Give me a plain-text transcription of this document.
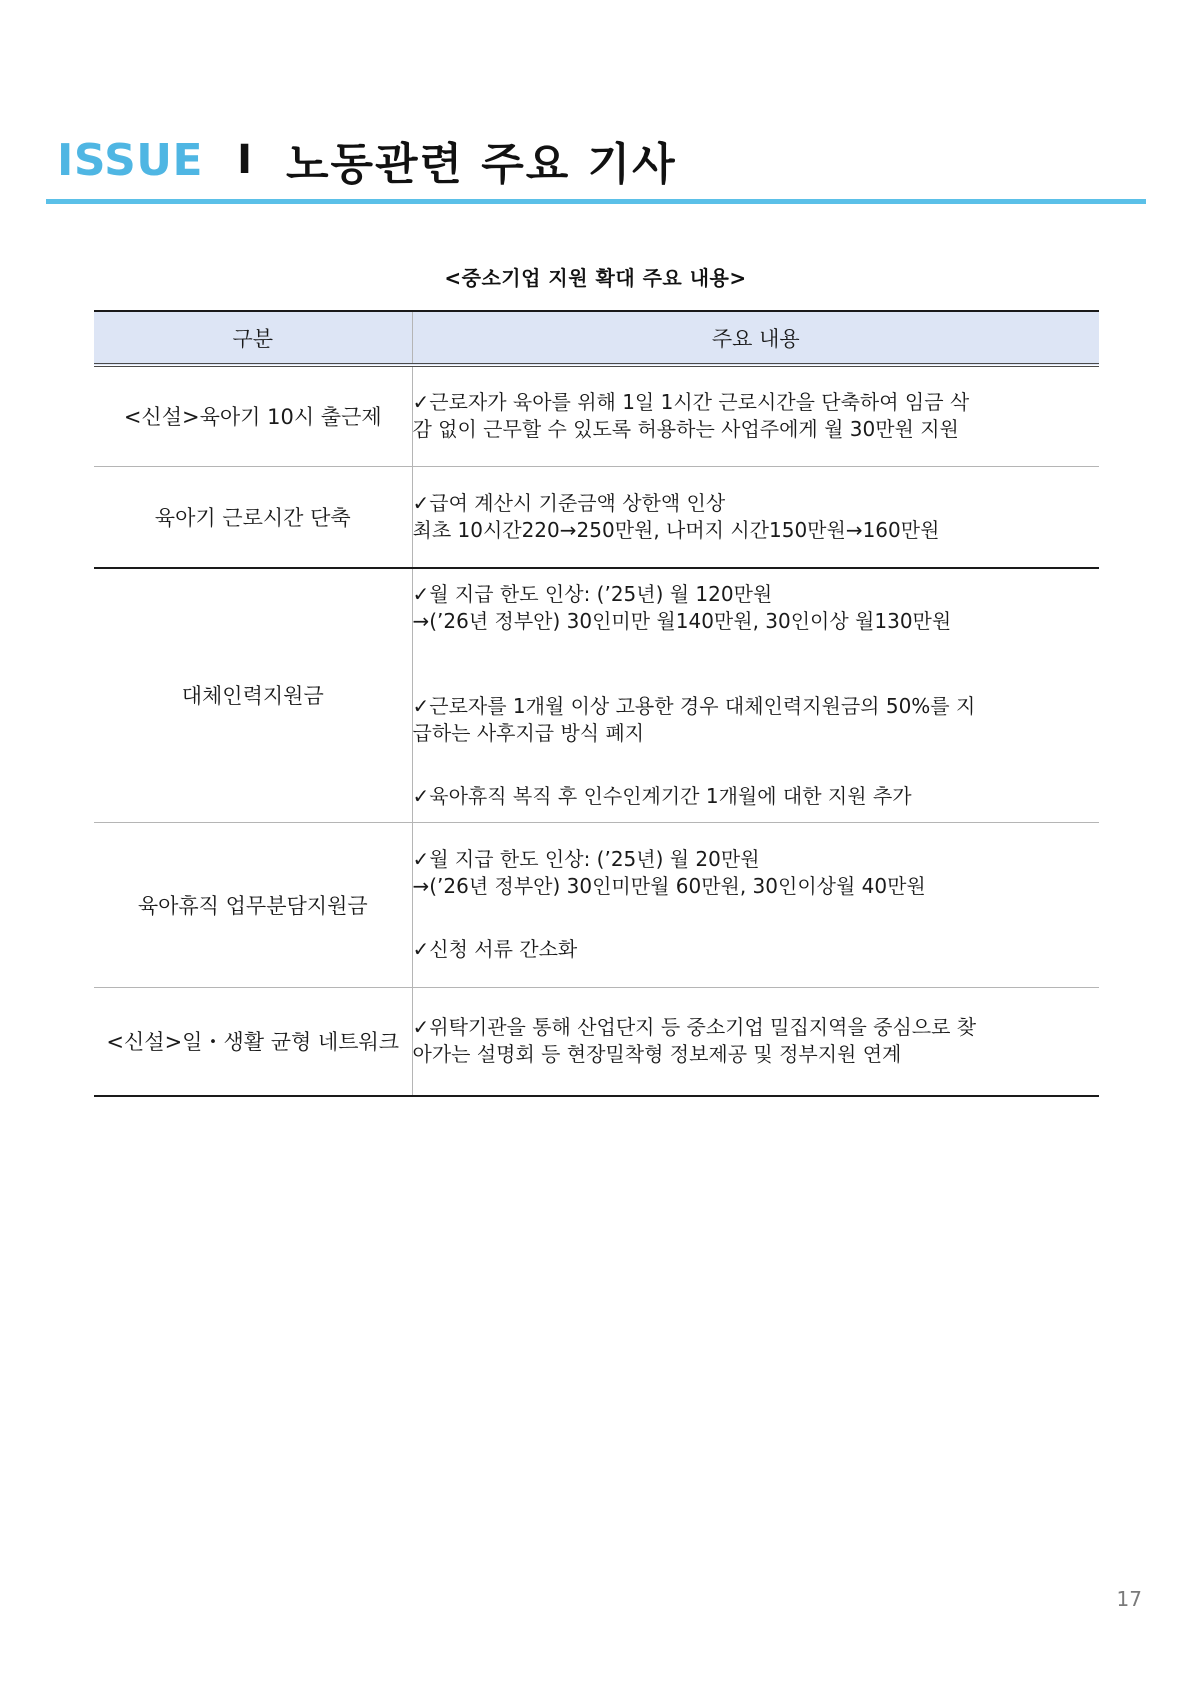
ISSUE I 노동관련 주요 기사
<중소기업 지원 확대 주요 내용>
구분	주요 내용
<신설>육아기 10시 출근제	✓근로자가 육아를 위해 1일 1시간 근로시간을 단축하여 임금 삭
감 없이 근무할 수 있도록 허용하는 사업주에게 월 30만원 지원

육아기 근로시간 단축	✓급여 계산시 기준금액 상한액 인상
최초 10시간220→250만원, 나머지 시간150만원→160만원

대체인력지원금	✓월 지급 한도 인상: (’25년) 월 120만원
→(’26년 정부안) 30인미만 월140만원, 30인이상 월130만원
✓근로자를 1개월 이상 고용한 경우 대체인력지원금의 50%를 지
급하는 사후지급 방식 폐지
✓육아휴직 복직 후 인수인계기간 1개월에 대한 지원 추가

육아휴직 업무분담지원금	✓월 지급 한도 인상: (’25년) 월 20만원
→(’26년 정부안) 30인미만월 60만원, 30인이상월 40만원
✓신청 서류 간소화

<신설>일・생활 균형 네트워크	✓위탁기관을 통해 산업단지 등 중소기업 밀집지역을 중심으로 찾
아가는 설명회 등 현장밀착형 정보제공 및 정부지원 연계
17
